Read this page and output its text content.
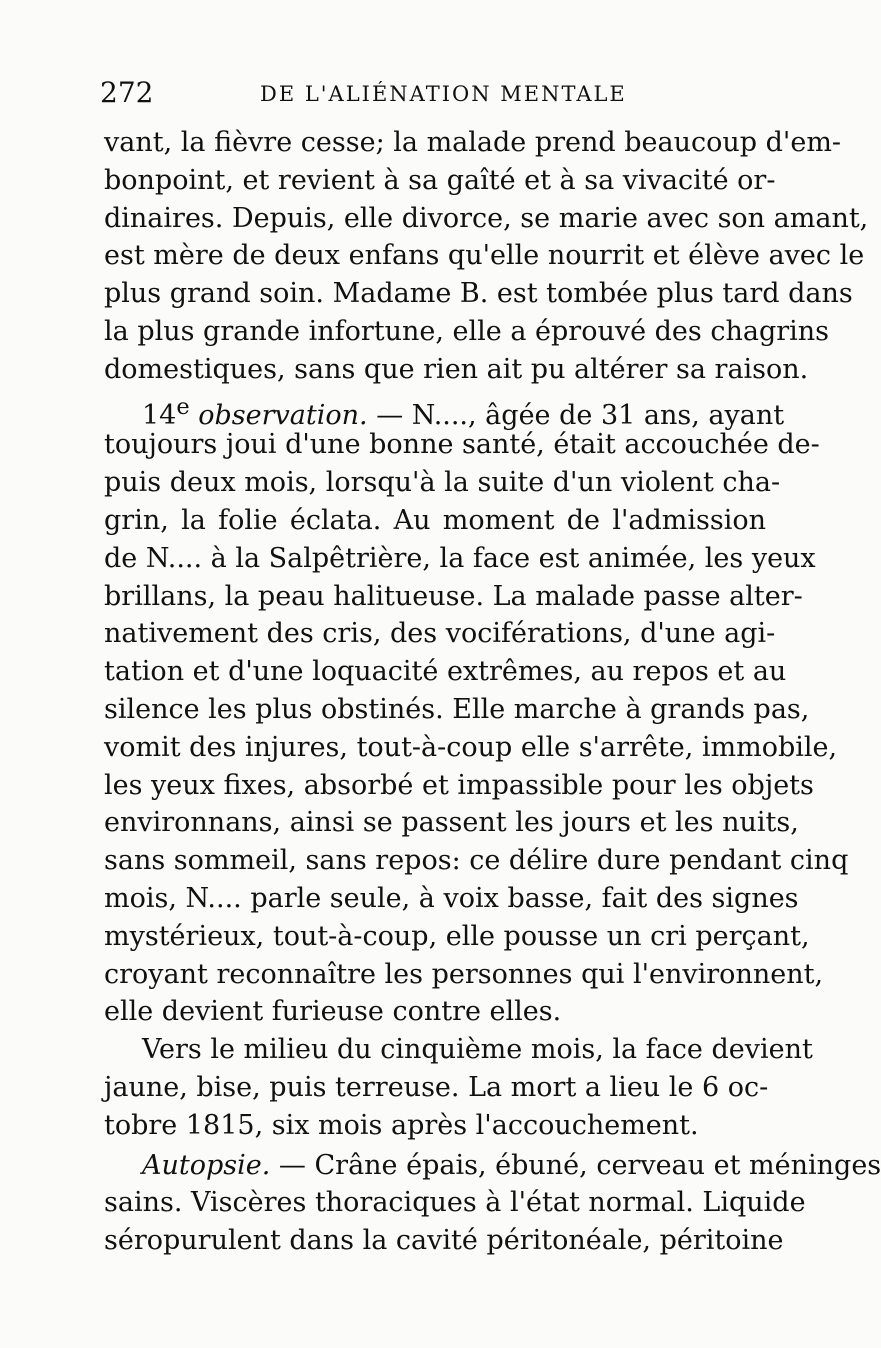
272	DE L'ALIÉNATION MENTALE
vant, la fièvre cesse; la malade prend beaucoup d'em-
bonpoint, et revient à sa gaîté et à sa vivacité or-
dinaires. Depuis, elle divorce, se marie avec son amant,
est mère de deux enfans qu'elle nourrit et élève avec le
plus grand soin. Madame B. est tombée plus tard dans
la plus grande infortune, elle a éprouvé des chagrins
domestiques, sans que rien ait pu altérer sa raison.
14e observation. — N...., âgée de 31 ans, ayant
toujours joui d'une bonne santé, était accouchée de-
puis deux mois, lorsqu'à la suite d'un violent cha-
grin, la folie éclata. Au moment de l'admission
de N.... à la Salpêtrière, la face est animée, les yeux
brillans, la peau halitueuse. La malade passe alter-
nativement des cris, des vociférations, d'une agi-
tation et d'une loquacité extrêmes, au repos et au
silence les plus obstinés. Elle marche à grands pas,
vomit des injures, tout-à-coup elle s'arrête, immobile,
les yeux fixes, absorbé et impassible pour les objets
environnans, ainsi se passent les jours et les nuits,
sans sommeil, sans repos: ce délire dure pendant cinq
mois, N.... parle seule, à voix basse, fait des signes
mystérieux, tout-à-coup, elle pousse un cri perçant,
croyant reconnaître les personnes qui l'environnent,
elle devient furieuse contre elles.
Vers le milieu du cinquième mois, la face devient
jaune, bise, puis terreuse. La mort a lieu le 6 oc-
tobre 1815, six mois après l'accouchement.
Autopsie. — Crâne épais, ébuné, cerveau et méninges
sains. Viscères thoraciques à l'état normal. Liquide
séropurulent dans la cavité péritonéale, péritoine
